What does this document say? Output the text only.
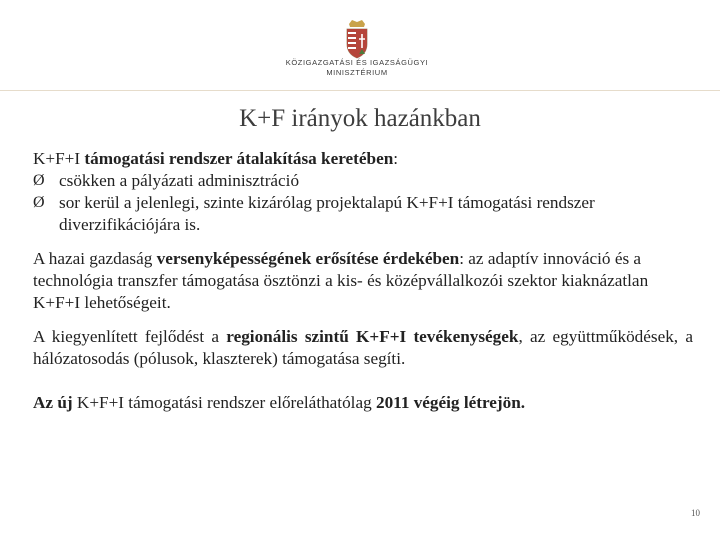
KÖZIGAZGATÁSI ÉS IGAZSÁGÜGYI
MINISZTÉRIUM
K+F irányok hazánkban

K+F+I támogatási rendszer átalakítása keretében:

Ø csökken a pályázati adminisztráció
Ø sor kerül a jelenlegi, szinte kizárólag projektalapú K+F+I támogatási rendszer diverzifikációjára is.

A hazai gazdaság versenyképességének erősítése érdekében: az adaptív innováció és a technológia transzfer támogatása ösztönzi a kis- és középvállalkozói szektor kiaknázatlan K+F+I lehetőségeit.

A kiegyenlített fejlődést a regionális szintű K+F+I tevékenységek, az együttműködések, a hálózatosodás (pólusok, klaszterek) támogatása segíti.

Az új K+F+I támogatási rendszer előreláthatólag 2011 végéig létrejön.

10
